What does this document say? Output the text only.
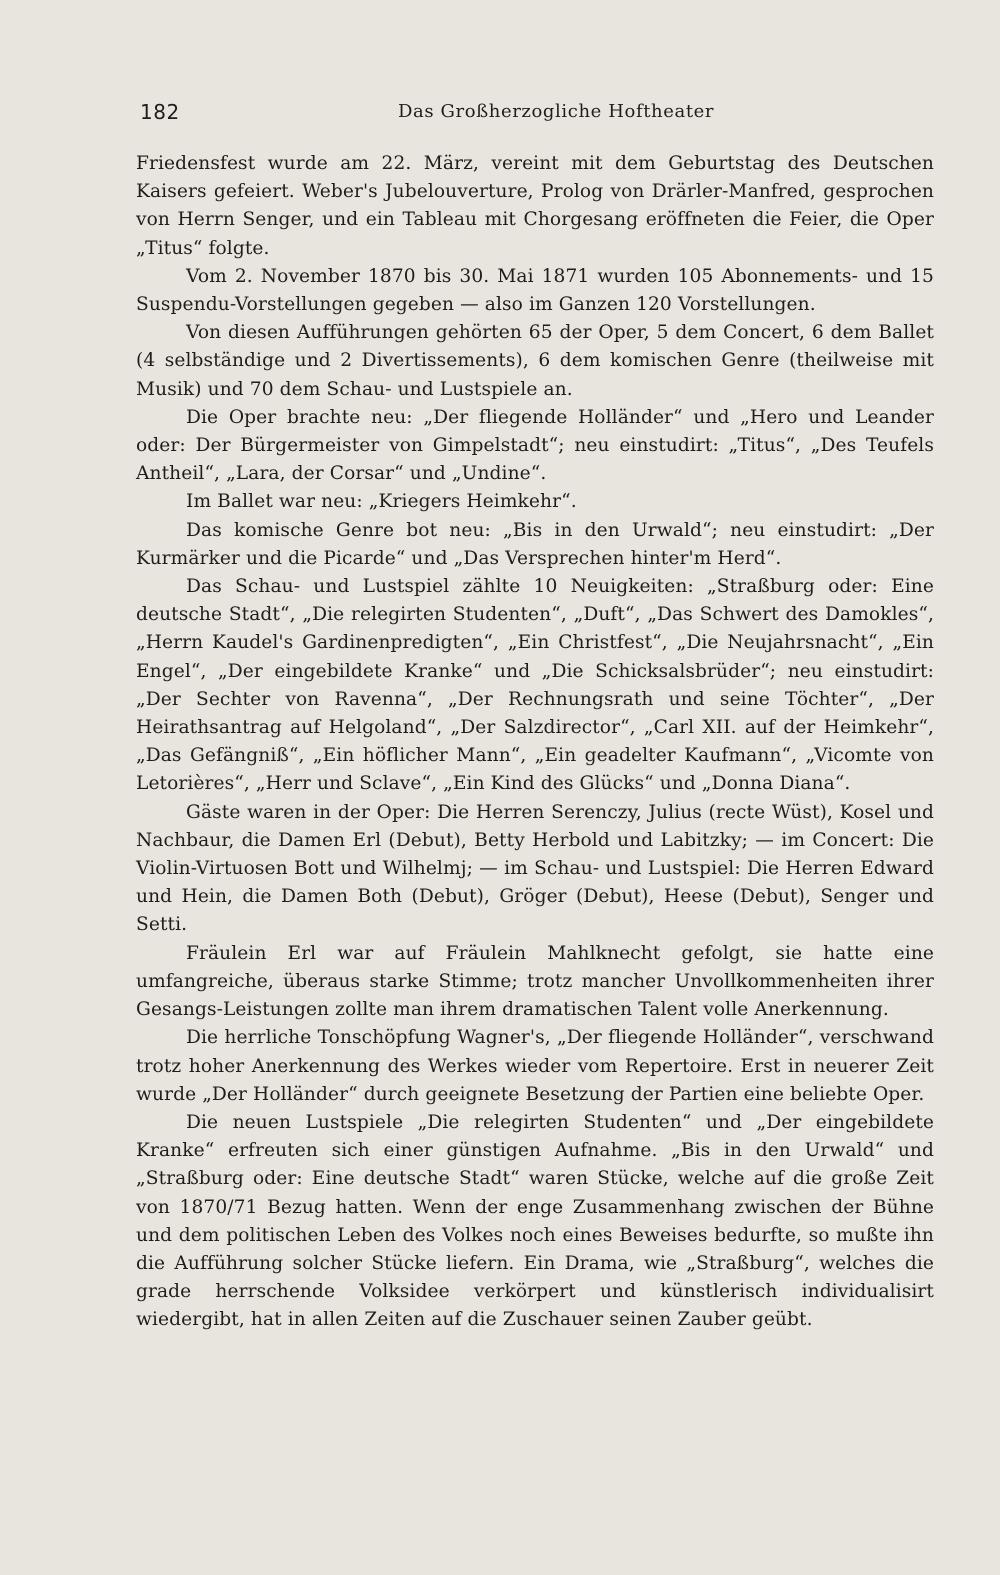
182	Das Großherzogliche Hoftheater

Friedensfest wurde am 22. März, vereint mit dem Geburtstag des Deutschen Kaisers gefeiert. Weber's Jubelouverture, Prolog von Drärler-Manfred, gesprochen von Herrn Senger, und ein Tableau mit Chorgesang eröffneten die Feier, die Oper „Titus“ folgte.

Vom 2. November 1870 bis 30. Mai 1871 wurden 105 Abonnements- und 15 Suspendu-Vorstellungen gegeben — also im Ganzen 120 Vorstellungen.

Von diesen Aufführungen gehörten 65 der Oper, 5 dem Concert, 6 dem Ballet (4 selbständige und 2 Divertissements), 6 dem komischen Genre (theilweise mit Musik) und 70 dem Schau- und Lustspiele an.

Die Oper brachte neu: „Der fliegende Holländer“ und „Hero und Leander oder: Der Bürgermeister von Gimpelstadt“; neu einstudirt: „Titus“, „Des Teufels Antheil“, „Lara, der Corsar“ und „Undine“.

Im Ballet war neu: „Kriegers Heimkehr“.

Das komische Genre bot neu: „Bis in den Urwald“; neu einstudirt: „Der Kurmärker und die Picarde“ und „Das Versprechen hinter'm Herd“.

Das Schau- und Lustspiel zählte 10 Neuigkeiten: „Straßburg oder: Eine deutsche Stadt“, „Die relegirten Studenten“, „Duft“, „Das Schwert des Damokles“, „Herrn Kaudel's Gardinenpredigten“, „Ein Christfest“, „Die Neujahrsnacht“, „Ein Engel“, „Der eingebildete Kranke“ und „Die Schicksalsbrüder“; neu einstudirt: „Der Sechter von Ravenna“, „Der Rechnungsrath und seine Töchter“, „Der Heirathsantrag auf Helgoland“, „Der Salzdirector“, „Carl XII. auf der Heimkehr“, „Das Gefängniß“, „Ein höflicher Mann“, „Ein geadelter Kaufmann“, „Vicomte von Letorières“, „Herr und Sclave“, „Ein Kind des Glücks“ und „Donna Diana“.

Gäste waren in der Oper: Die Herren Serenczy, Julius (recte Wüst), Kosel und Nachbaur, die Damen Erl (Debut), Betty Herbold und Labitzky; — im Concert: Die Violin-Virtuosen Bott und Wilhelmj; — im Schau- und Lustspiel: Die Herren Edward und Hein, die Damen Both (Debut), Gröger (Debut), Heese (Debut), Senger und Setti.

Fräulein Erl war auf Fräulein Mahlknecht gefolgt, sie hatte eine umfangreiche, überaus starke Stimme; trotz mancher Unvollkommenheiten ihrer Gesangs-Leistungen zollte man ihrem dramatischen Talent volle Anerkennung.

Die herrliche Tonschöpfung Wagner's, „Der fliegende Holländer“, verschwand trotz hoher Anerkennung des Werkes wieder vom Repertoire. Erst in neuerer Zeit wurde „Der Holländer“ durch geeignete Besetzung der Partien eine beliebte Oper.

Die neuen Lustspiele „Die relegirten Studenten“ und „Der eingebildete Kranke“ erfreuten sich einer günstigen Aufnahme. „Bis in den Urwald“ und „Straßburg oder: Eine deutsche Stadt“ waren Stücke, welche auf die große Zeit von 1870/71 Bezug hatten. Wenn der enge Zusammenhang zwischen der Bühne und dem politischen Leben des Volkes noch eines Beweises bedurfte, so mußte ihn die Aufführung solcher Stücke liefern. Ein Drama, wie „Straßburg“, welches die grade herrschende Volksidee verkörpert und künstlerisch individualisirt wiedergibt, hat in allen Zeiten auf die Zuschauer seinen Zauber geübt.
